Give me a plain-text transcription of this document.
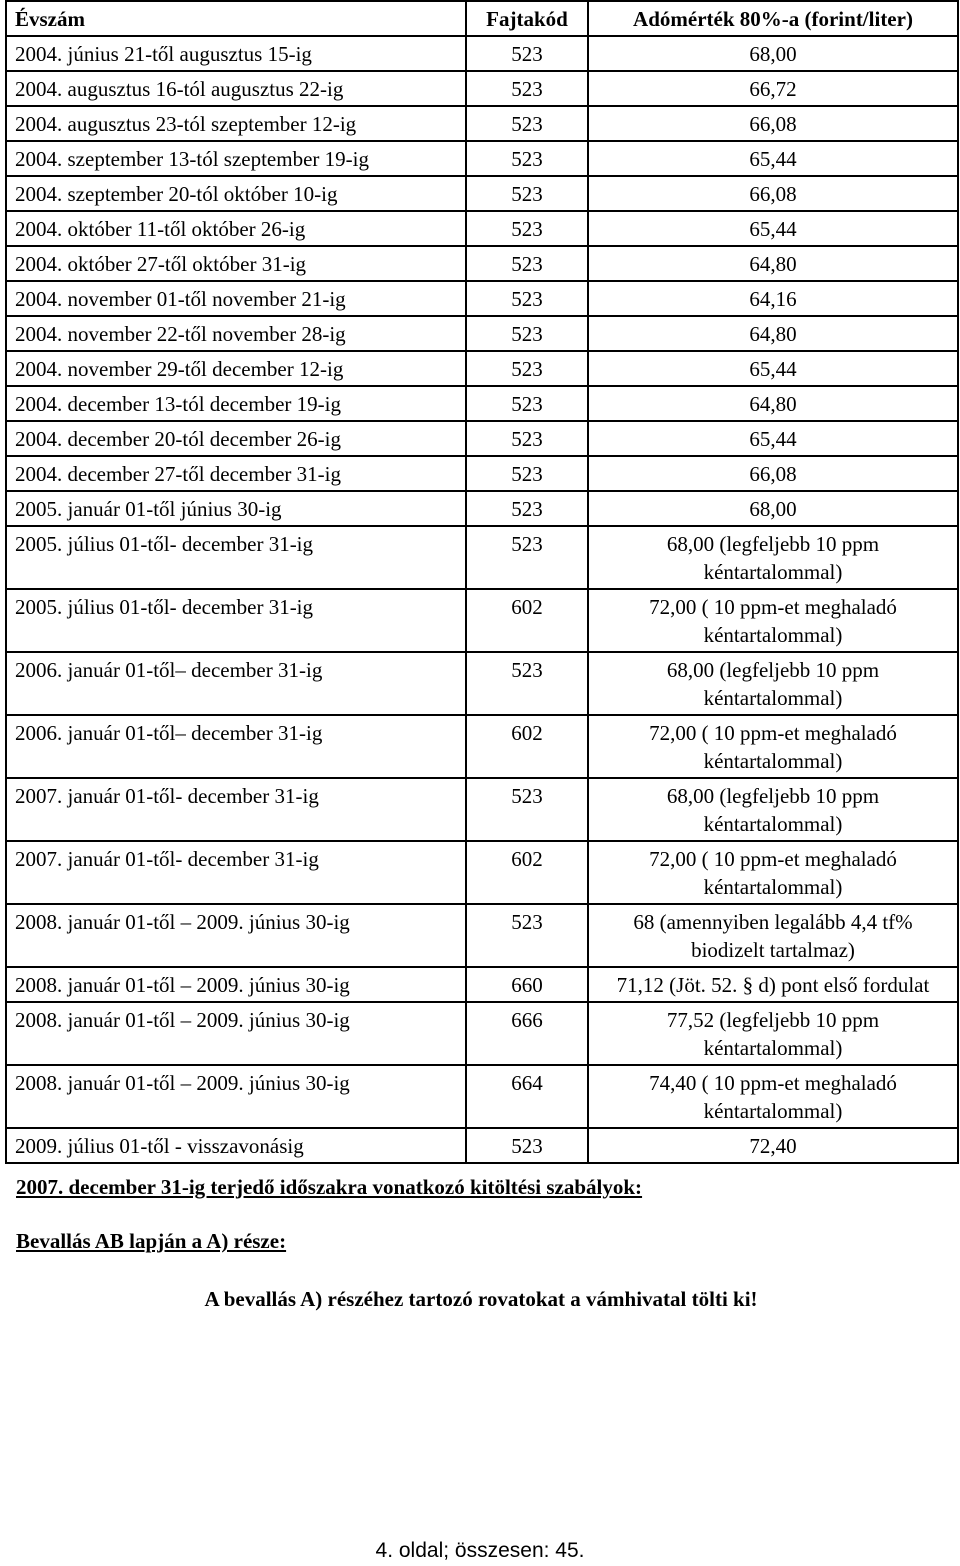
Évszám	Fajtakód	Adómérték 80%-a (forint/liter)
2004. június 21-től augusztus 15-ig	523	68,00
2004. augusztus 16-tól augusztus 22-ig	523	66,72
2004. augusztus 23-tól szeptember 12-ig	523	66,08
2004. szeptember 13-tól szeptember 19-ig	523	65,44
2004. szeptember 20-tól október 10-ig	523	66,08
2004. október 11-től október 26-ig	523	65,44
2004. október 27-től október 31-ig	523	64,80
2004. november 01-től november 21-ig	523	64,16
2004. november 22-től november 28-ig	523	64,80
2004. november 29-től december 12-ig	523	65,44
2004. december 13-tól december 19-ig	523	64,80
2004. december 20-tól december 26-ig	523	65,44
2004. december 27-től december 31-ig	523	66,08
2005. január 01-től június 30-ig	523	68,00
2005. július 01-től- december 31-ig	523	68,00 (legfeljebb 10 ppm kéntartalommal)
2005. július 01-től- december 31-ig	602	72,00 ( 10 ppm-et meghaladó kéntartalommal)
2006. január 01-től– december 31-ig	523	68,00 (legfeljebb 10 ppm kéntartalommal)
2006. január 01-től– december 31-ig	602	72,00 ( 10 ppm-et meghaladó kéntartalommal)
2007. január 01-től- december 31-ig	523	68,00 (legfeljebb 10 ppm kéntartalommal)
2007. január 01-től- december 31-ig	602	72,00 ( 10 ppm-et meghaladó kéntartalommal)
2008. január 01-től – 2009. június 30-ig	523	68 (amennyiben legalább 4,4 tf% biodizelt tartalmaz)
2008. január 01-től – 2009. június 30-ig	660	71,12 (Jöt. 52. § d) pont első fordulat
2008. január 01-től – 2009. június 30-ig	666	77,52 (legfeljebb 10 ppm kéntartalommal)
2008. január 01-től – 2009. június 30-ig	664	74,40 ( 10 ppm-et meghaladó kéntartalommal)
2009. július 01-től - visszavonásig	523	72,40

2007. december 31-ig terjedő időszakra vonatkozó kitöltési szabályok:

Bevallás AB lapján a A) része:

A bevallás A) részéhez tartozó rovatokat a vámhivatal tölti ki!

4. oldal; összesen: 45.
